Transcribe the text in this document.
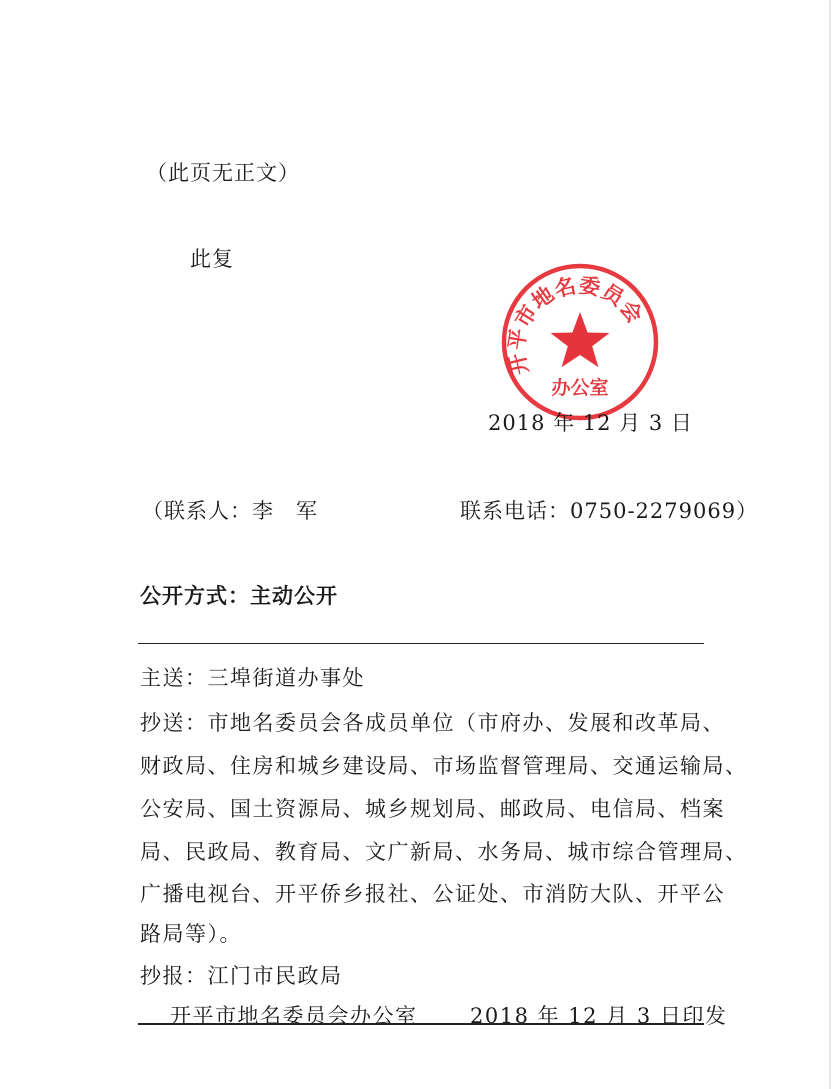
（此页无正文）
此复
开平市地名委员会
办公室
2018 年 12 月 3 日
（联系人：李　军	联系电话：0750-2279069）
公开方式：主动公开
主送：三埠街道办事处
抄送：市地名委员会各成员单位（市府办、发展和改革局、
财政局、住房和城乡建设局、市场监督管理局、交通运输局、
公安局、国土资源局、城乡规划局、邮政局、电信局、档案
局、民政局、教育局、文广新局、水务局、城市综合管理局、
广播电视台、开平侨乡报社、公证处、市消防大队、开平公
路局等）。
抄报：江门市民政局
开平市地名委员会办公室	2018 年 12 月 3 日印发
